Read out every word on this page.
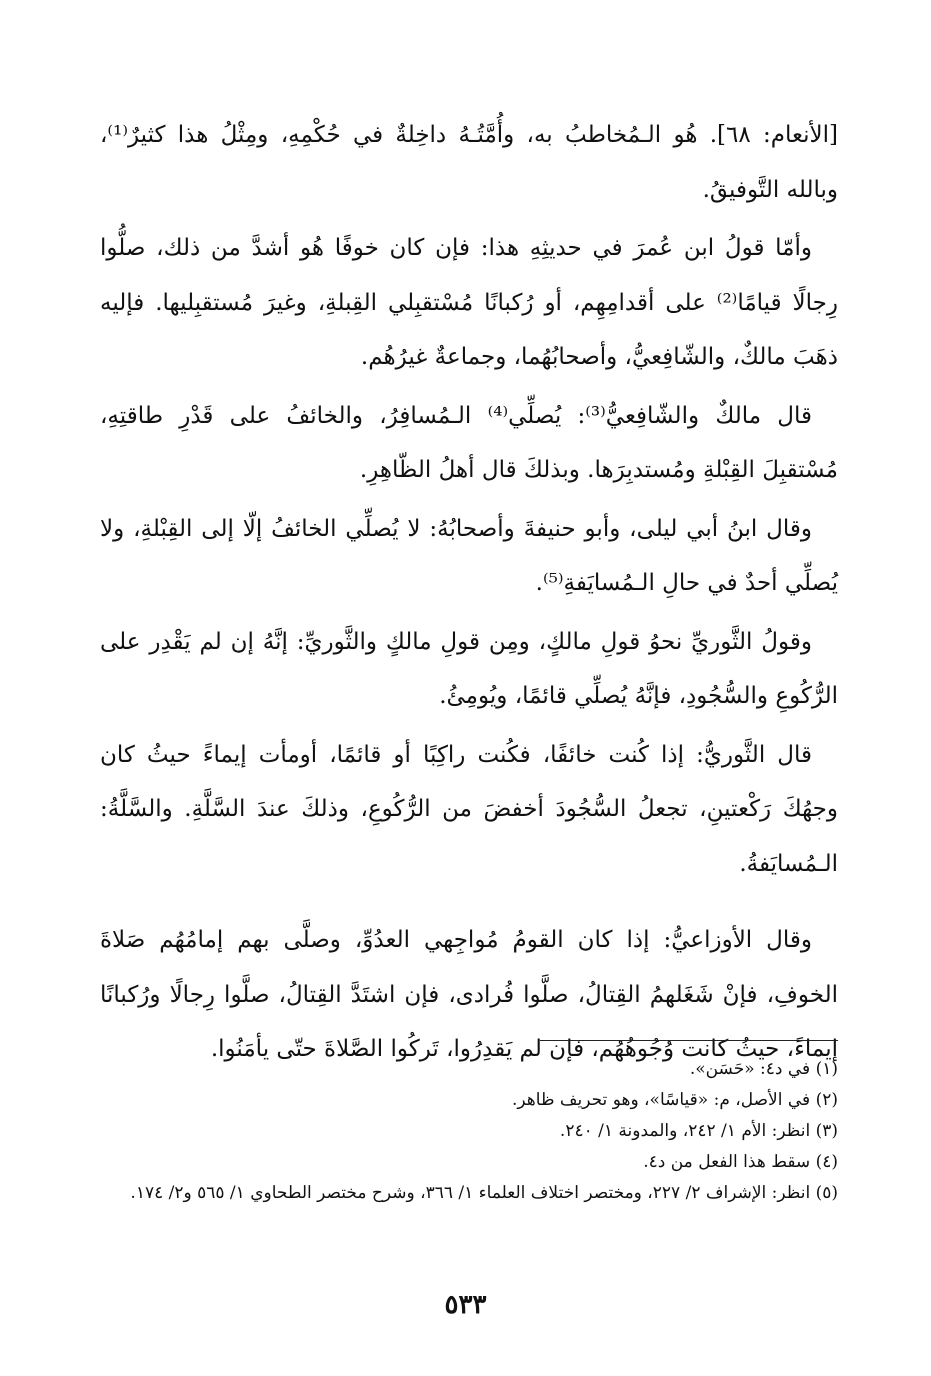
[الأنعام: ٦٨]. هُو الـمُخاطبُ به، وأُمَّتُـهُ داخِلةٌ في حُكْمِهِ، ومِثْلُ هذا كثيرٌ⁽¹⁾، وبالله التَّوفيقُ.

وأمّا قولُ ابن عُمرَ في حديثِهِ هذا: فإن كان خوفًا هُو أشدَّ من ذلك، صلُّوا رِجالًا قيامًا⁽²⁾ على أقدامِهِم، أو رُكبانًا مُسْتقبِلي القِبلةِ، وغيرَ مُستقبِليها. فإليه ذهَبَ مالكٌ، والشّافِعيُّ، وأصحابُهُما، وجماعةٌ غيرُهُم.

قال مالكٌ والشّافِعيُّ⁽³⁾: يُصلِّي⁽⁴⁾ الـمُسافِرُ، والخائفُ على قَدْرِ طاقتِهِ، مُسْتقبِلَ القِبْلةِ ومُستدبِرَها. وبذلكَ قال أهلُ الظّاهِرِ.

وقال ابنُ أبي ليلى، وأبو حنيفةَ وأصحابُهُ: لا يُصلِّي الخائفُ إلّا إلى القِبْلةِ، ولا يُصلِّي أحدٌ في حالِ الـمُسايَفةِ⁽⁵⁾.

وقولُ الثَّوريِّ نحوُ قولِ مالكٍ، ومِن قولِ مالكٍ والثَّوريِّ: إنَّهُ إن لم يَقْدِر على الرُّكُوعِ والسُّجُودِ، فإنَّهُ يُصلِّي قائمًا، ويُومِئُ.

قال الثَّوريُّ: إذا كُنت خائفًا، فكُنت راكِبًا أو قائمًا، أومأت إيماءً حيثُ كان وجهُكَ رَكْعتينِ، تجعلُ السُّجُودَ أخفضَ من الرُّكُوعِ، وذلكَ عندَ السَّلَّةِ. والسَّلَّةُ: الـمُسايَفةُ.

وقال الأوزاعيُّ: إذا كان القومُ مُواجِهي العدُوِّ، وصلَّى بهم إمامُهُم صَلاةَ الخوفِ، فإنْ شَغَلهمُ القِتالُ، صلَّوا فُرادى، فإن اشتَدَّ القِتالُ، صلَّوا رِجالًا ورُكبانًا إيماءً، حيثُ كانت وُجُوهُهُم، فإن لم يَقدِرُوا، تَركُوا الصَّلاةَ حتّى يأمَنُوا.

(١) في د٤: «حَسَن».

(٢) في الأصل، م: «قياسًا»، وهو تحريف ظاهر.

(٣) انظر: الأم ١/ ٢٤٢، والمدونة ١/ ٢٤٠.

(٤) سقط هذا الفعل من د٤.

(٥) انظر: الإشراف ٢/ ٢٢٧، ومختصر اختلاف العلماء ١/ ٣٦٦، وشرح مختصر الطحاوي ١/ ٥٦٥ و٢/ ١٧٤.

٥٣٣
